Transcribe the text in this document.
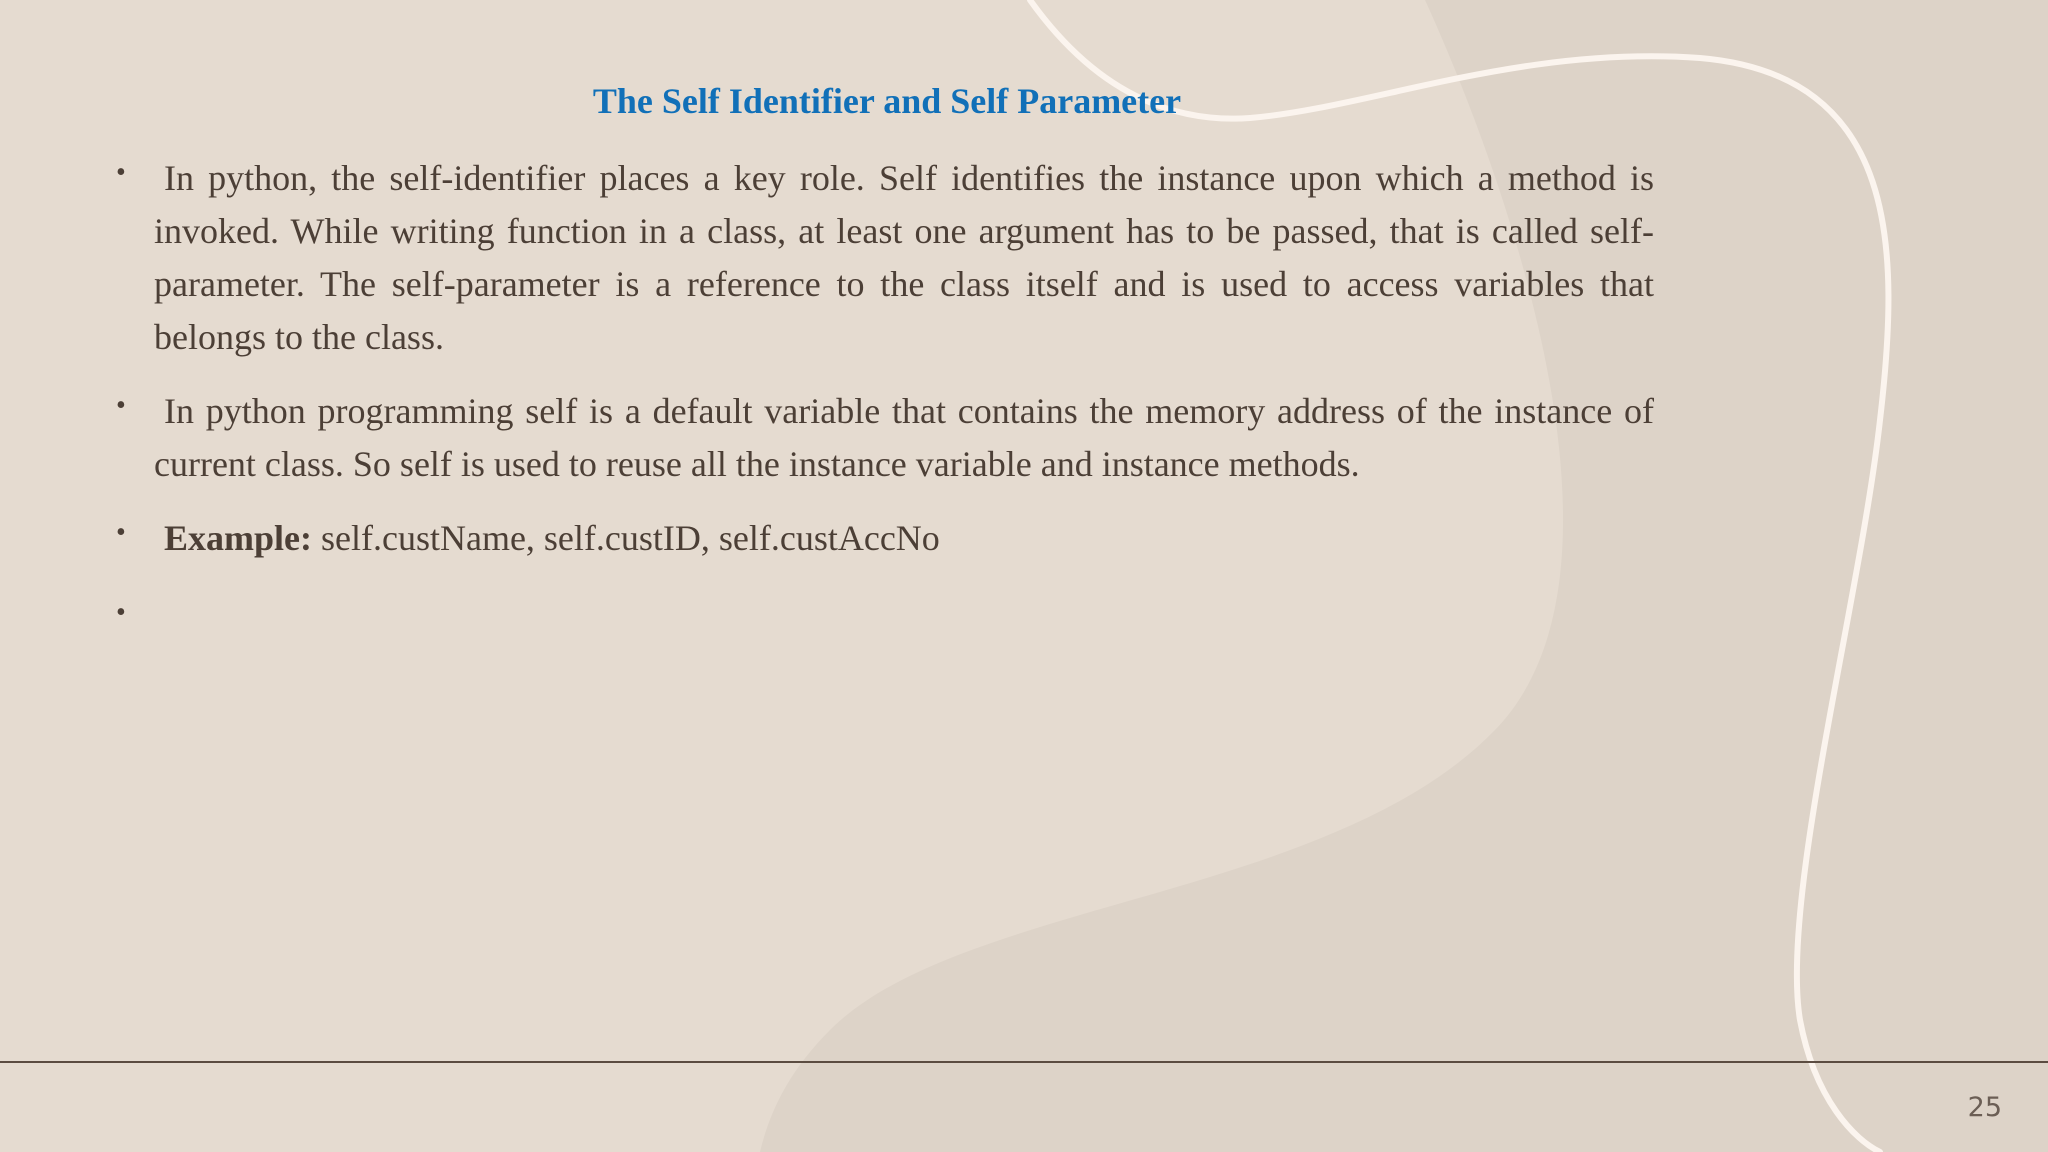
The Self Identifier and Self Parameter
• In python, the self-identifier places a key role. Self identifies the instance upon which a method is invoked. While writing function in a class, at least one argument has to be passed, that is called self-parameter. The self-parameter is a reference to the class itself and is used to access variables that belongs to the class.
• In python programming self is a default variable that contains the memory address of the instance of current class. So self is used to reuse all the instance variable and instance methods.
• Example: self.custName, self.custID, self.custAccNo
•
25
